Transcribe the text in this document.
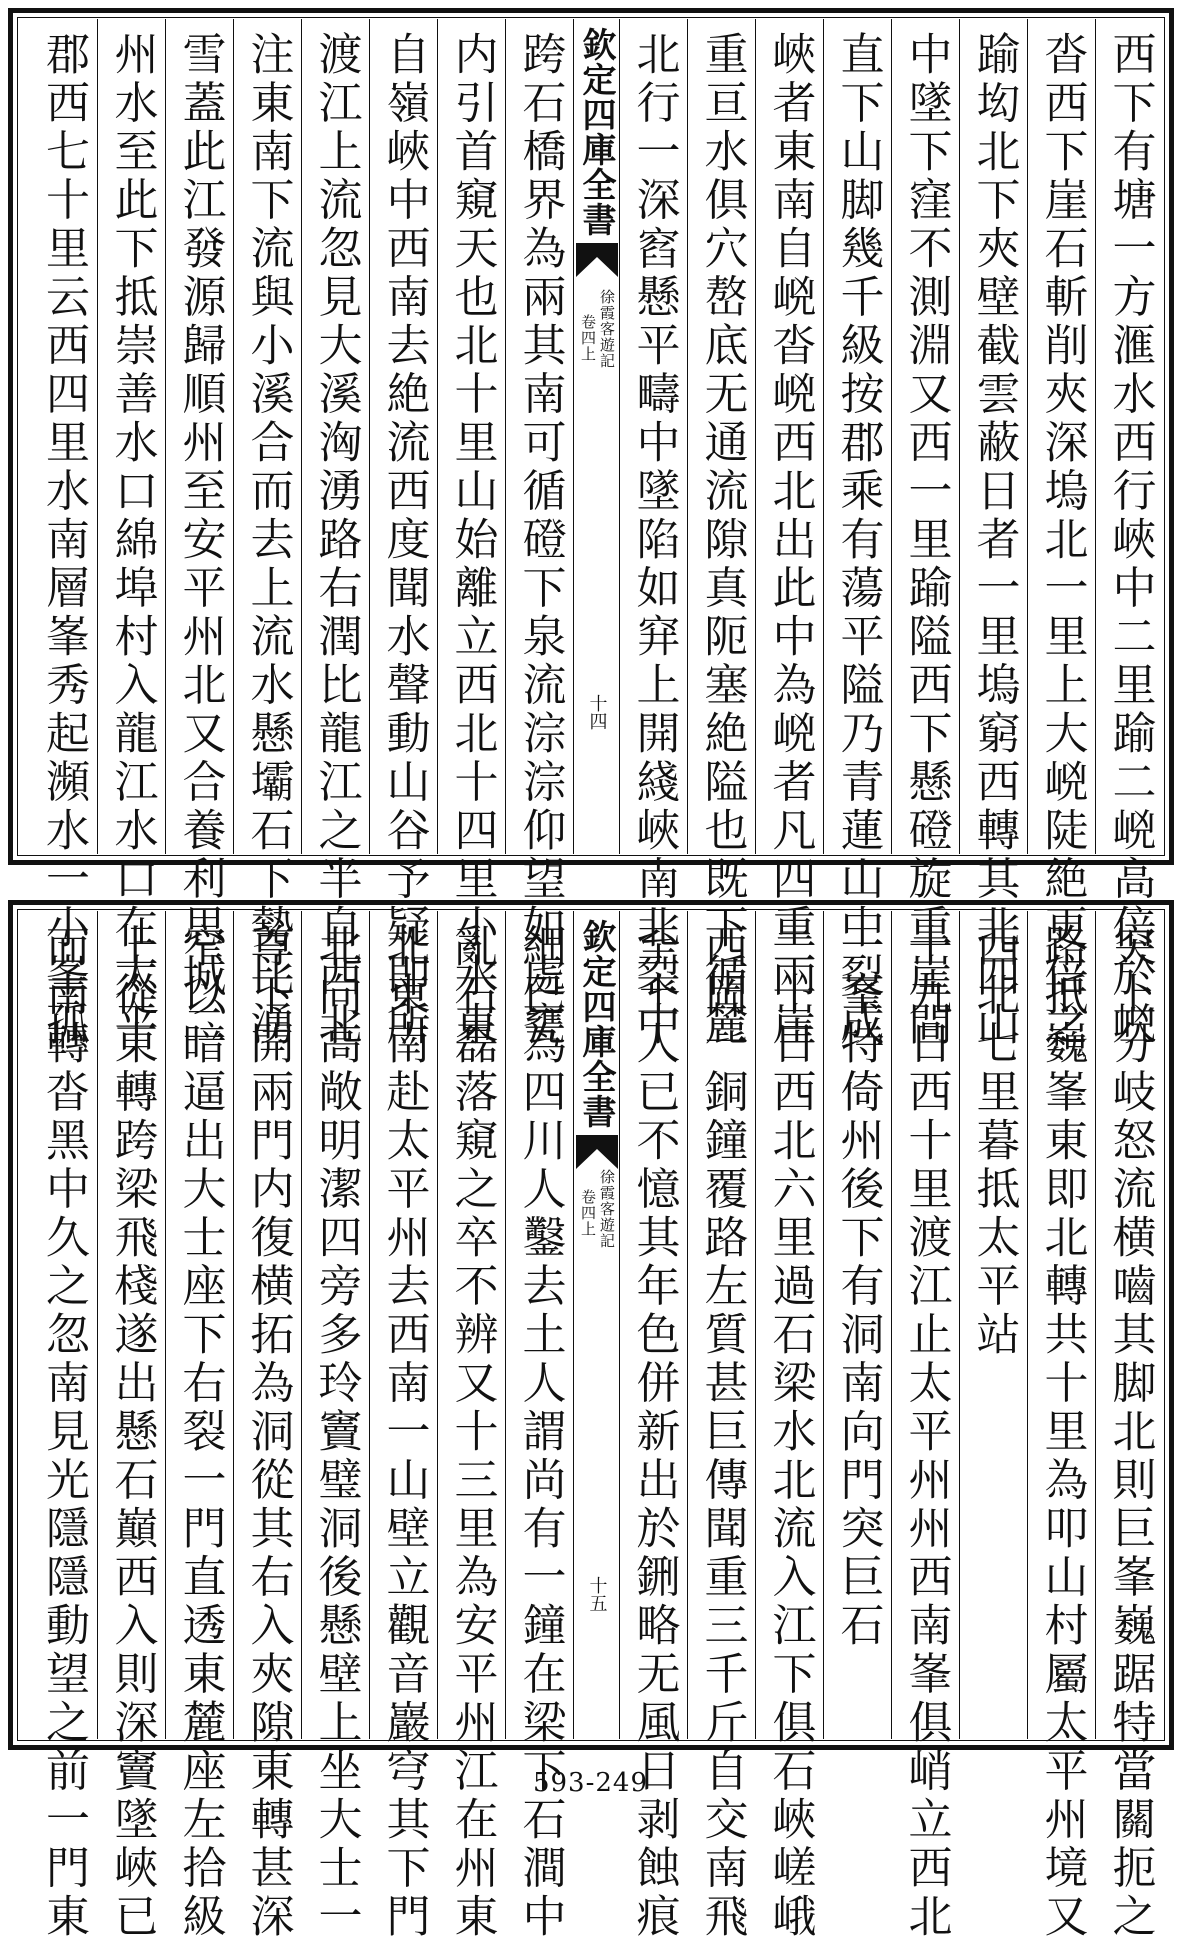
西下有塘一方滙水西行峽中二里踰二㟅高倍於㟅
沓西下崖石斬削夾深塢北一里上大㟅陡絶更倍之
踰㘭北下夾壁截雲蔽日者一里塢窮西轉其北四山
中墜下窪不測淵又西一里踰隘西下懸磴旋重崖間
直下山脚幾千級按郡乘有蕩平隘乃青蓮山中裂成
峽者東南自㟅沓㟅西北出此中為㟅者凡四重兩崖
重亘水俱穴嶅底无通流隙真阨塞絶隘也既下循麓
北行一深窞懸平疇中墜陷如穽上開綫峽南北裂中
欽定四庫全書
徐霞客遊記
卷四上
十四
跨石橋界為兩其南可循磴下泉流淙淙仰望如處甕
内引首窺天也北十里山始離立西北十四里小水東
自嶺峽中西南去絶流西度聞水聲動山谷予疑即所
渡江上流忽見大溪洶湧路右潤比龍江之半自西北
注東南下流與小溪合而去上流水懸壩石下勢比湧
雪蓋此江發源歸順州至安平州北又合養利思城二
州水至此下抵崇善水口綿埠村入龍江水口在太平
郡西七十里云西四里水南層峯秀起瀕水一小峯孤
突上分岐怒流横嚙其脚北則巨峯巍踞特當關扼之
路抵巍峯東即北轉共十里為叩山村屬太平州境又
西北七里暮抵太平站
十九日西十里渡江止太平州州西南峯俱峭立西北
一峯特倚州後下有洞南向門突巨石
二十日西北六里過石梁水北流入江下俱石峽嵯峨
西岡一銅鐘覆路左質甚巨傳聞重三千斤自交南飛
至土人已不憶其年色併新出於鉶略无風日剥蝕痕
欽定四庫全書
徐霞客遊記
卷四上
十五
細已為四川人鑿去土人謂尚有一鐘在梁下石澗中
亂石磊落窺之卒不辨又十三里為安平州江在州東
北東南赴太平州去西南一山壁立觀音巖穹其下門
北向高敞明潔四旁多玲竇璧洞後懸壁上坐大士一
尊下開兩門内復横拓為洞從其右入夾隙東轉甚深
窄以暗逼出大士座下右裂一門直透東麓座左拾級
上從東轉跨梁飛棧遂出懸石巔西入則深竇墜峽已
而南轉沓黑中久之忽南見光隱隱動望之前一門東	593-249
